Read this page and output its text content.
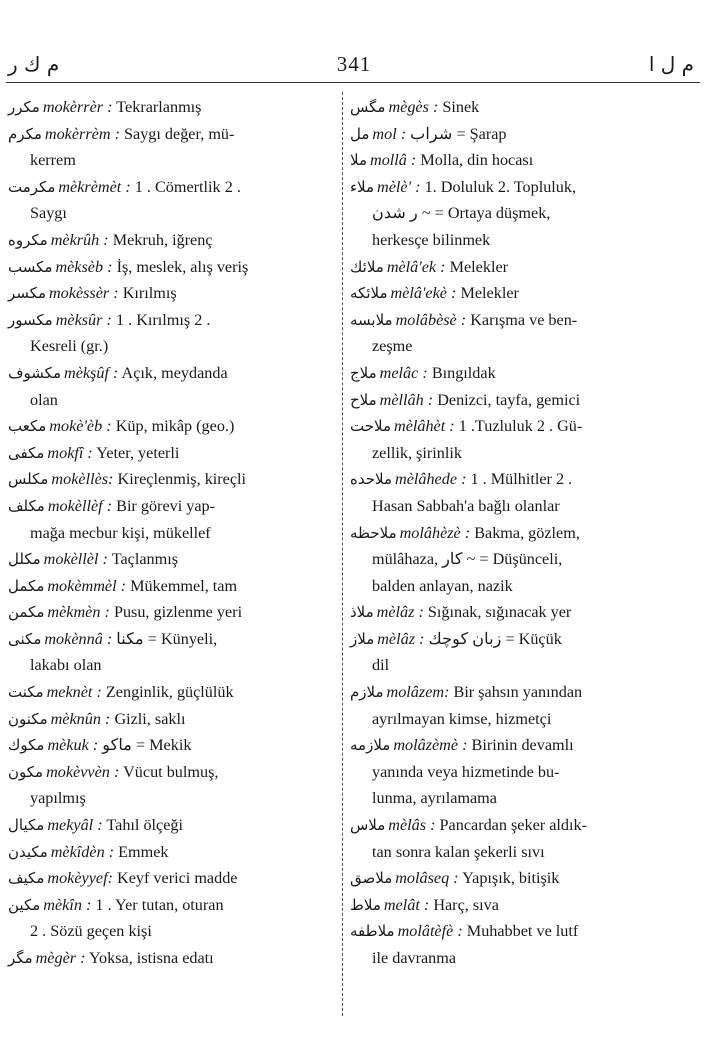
م ك ر	341	م ل ا
مكرر mokèrrèr : Tekrarlanmış
مكرم mokèrrèm : Saygı değer, mü-
kerrem
مكرمت mèkrèmèt : 1 . Cömertlik 2 .
Saygı
مكروه mèkrûh : Mekruh, iğrenç
مكسب mèksèb : İş, meslek, alış veriş
مكسر mokèssèr : Kırılmış
مكسور mèksûr : 1 . Kırılmış 2 .
Kesreli (gr.)
مكشوف mèkşûf : Açık, meydanda
olan
مكعب mokè'èb : Küp, mikâp (geo.)
مكفى mokfî : Yeter, yeterli
مكلس mokèllès: Kireçlenmiş, kireçli
مكلف mokèllèf : Bir görevi yap-
mağa mecbur kişi, mükellef
مكلل mokèllèl : Taçlanmış
مكمل mokèmmèl : Mükemmel, tam
مكمن mèkmèn : Pusu, gizlenme yeri
مكنى mokènnâ : مكنا = Künyeli,
lakabı olan
مكنت meknèt : Zenginlik, güçlülük
مكنون mèknûn : Gizli, saklı
مكوك mèkuk : ماكو = Mekik
مكون mokèvvèn : Vücut bulmuş,
yapılmış
مكيال mekyâl : Tahıl ölçeği
مكيدن mèkîdèn : Emmek
مكيف mokèyyef: Keyf verici madde
مكين mèkîn : 1 . Yer tutan, oturan
2 . Sözü geçen kişi
مگر mègèr : Yoksa, istisna edatı
مگس mègès : Sinek
مل mol : شراب = Şarap
ملا mollâ : Molla, din hocası
ملاء mèlè' : 1. Doluluk 2. Topluluk,
ر شدن ~ = Ortaya düşmek,
herkesçe bilinmek
ملائك mèlâ'ek : Melekler
ملائكه mèlâ'ekè : Melekler
ملابسه molâbèsè : Karışma ve ben-
zeşme
ملاج melâc : Bıngıldak
ملاح mèllâh : Denizci, tayfa, gemici
ملاحت mèlâhèt : 1 .Tuzluluk 2 . Gü-
zellik, şirinlik
ملاحده mèlâhede : 1 . Mülhitler 2 .
Hasan Sabbah'a bağlı olanlar
ملاحظه molâhèzè : Bakma, gözlem,
mülâhaza, كار ~ = Düşünceli,
balden anlayan, nazik
ملاذ mèlâz : Sığınak, sığınacak yer
ملاز mèlâz : زبان كوچك = Küçük
dil
ملازم molâzem: Bir şahsın yanından
ayrılmayan kimse, hizmetçi
ملازمه molâzèmè : Birinin devamlı
yanında veya hizmetinde bu-
lunma, ayrılamama
ملاس mèlâs : Pancardan şeker aldık-
tan sonra kalan şekerli sıvı
ملاصق molâseq : Yapışık, bitişik
ملاط melât : Harç, sıva
ملاطفه molâtèfè : Muhabbet ve lutf
ile davranma
